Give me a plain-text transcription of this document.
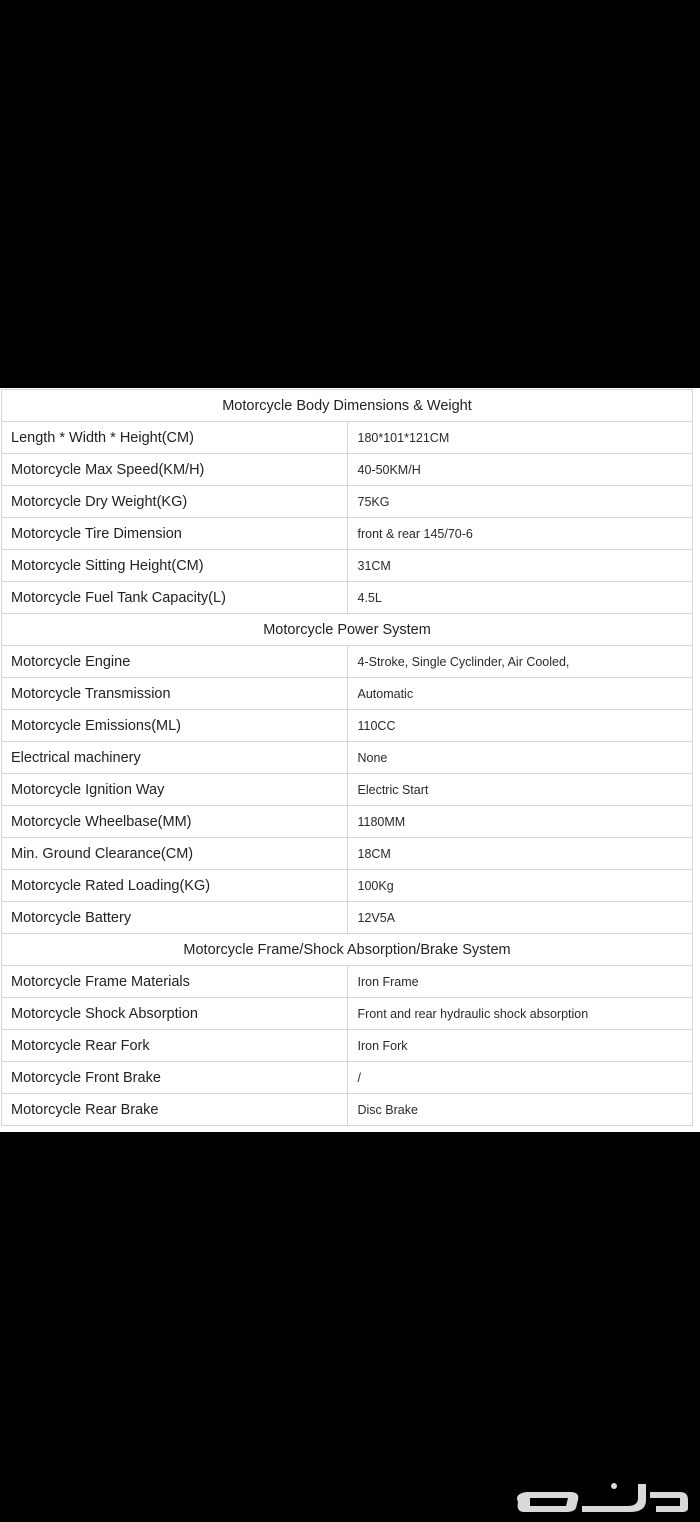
Motorcycle Body Dimensions & Weight	
Length * Width * Height(CM)	180*101*121CM
Motorcycle Max Speed(KM/H)	40-50KM/H
Motorcycle Dry Weight(KG)	75KG
Motorcycle Tire Dimension	front & rear 145/70-6
Motorcycle Sitting Height(CM)	31CM
Motorcycle Fuel Tank Capacity(L)	4.5L
Motorcycle Power System	
Motorcycle Engine	4-Stroke, Single Cyclinder, Air Cooled,
Motorcycle Transmission	Automatic
Motorcycle Emissions(ML)	110CC
Electrical machinery	None
Motorcycle Ignition Way	Electric Start
Motorcycle Wheelbase(MM)	1180MM
Min. Ground Clearance(CM)	18CM
Motorcycle Rated Loading(KG)	100Kg
Motorcycle Battery	12V5A
Motorcycle Frame/Shock Absorption/Brake System	
Motorcycle Frame Materials	Iron Frame
Motorcycle Shock Absorption	Front and rear hydraulic shock absorption
Motorcycle Rear Fork	Iron Fork
Motorcycle Front Brake	/
Motorcycle Rear Brake	Disc Brake
